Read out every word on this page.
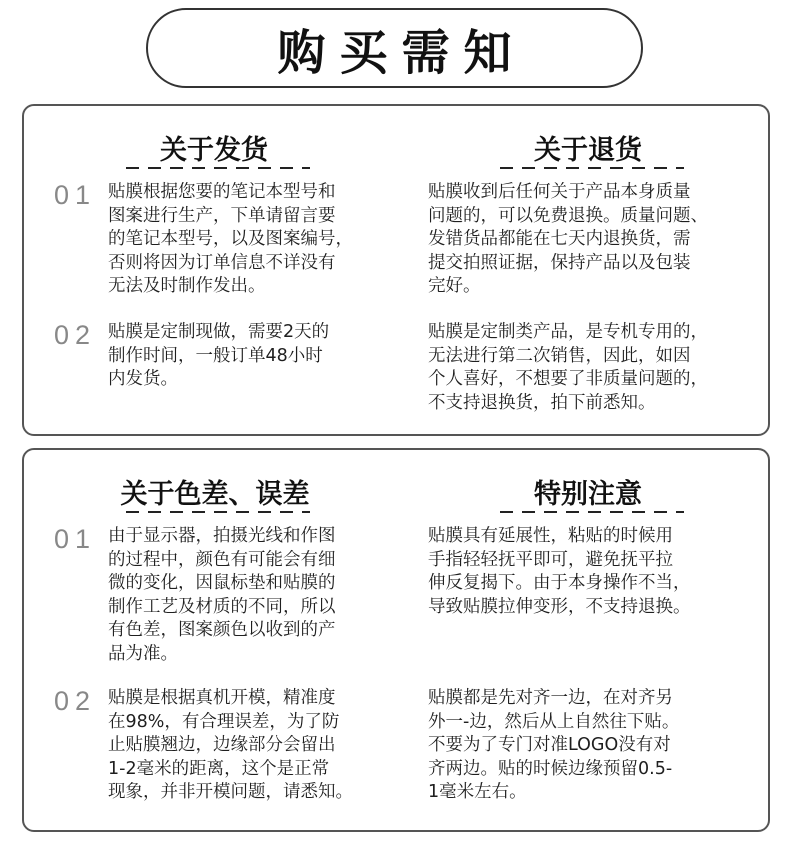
购买需知
关于发货
01 贴膜根据您要的笔记本型号和
图案进行生产，下单请留言要
的笔记本型号，以及图案编号，
否则将因为订单信息不详没有
无法及时制作发出。
02 贴膜是定制现做，需要2天的
制作时间，一般订单48小时
内发货。
关于退货
贴膜收到后任何关于产品本身质量
问题的，可以免费退换。质量问题、
发错货品都能在七天内退换货，需
提交拍照证据，保持产品以及包装
完好。
贴膜是定制类产品，是专机专用的，
无法进行第二次销售，因此，如因
个人喜好，不想要了非质量问题的，
不支持退换货，拍下前悉知。
关于色差、误差
01 由于显示器，拍摄光线和作图
的过程中，颜色有可能会有细
微的变化，因鼠标垫和贴膜的
制作工艺及材质的不同，所以
有色差，图案颜色以收到的产
品为准。
02 贴膜是根据真机开模，精准度
在98%，有合理误差，为了防
止贴膜翘边，边缘部分会留出
1-2毫米的距离，这个是正常
现象，并非开模问题，请悉知。
特别注意
贴膜具有延展性，粘贴的时候用
手指轻轻抚平即可，避免抚平拉
伸反复揭下。由于本身操作不当，
导致贴膜拉伸变形，不支持退换。
贴膜都是先对齐一边，在对齐另
外一-边，然后从上自然往下贴。
不要为了专门对准LOGO没有对
齐两边。贴的时候边缘预留0.5-
1毫米左右。
